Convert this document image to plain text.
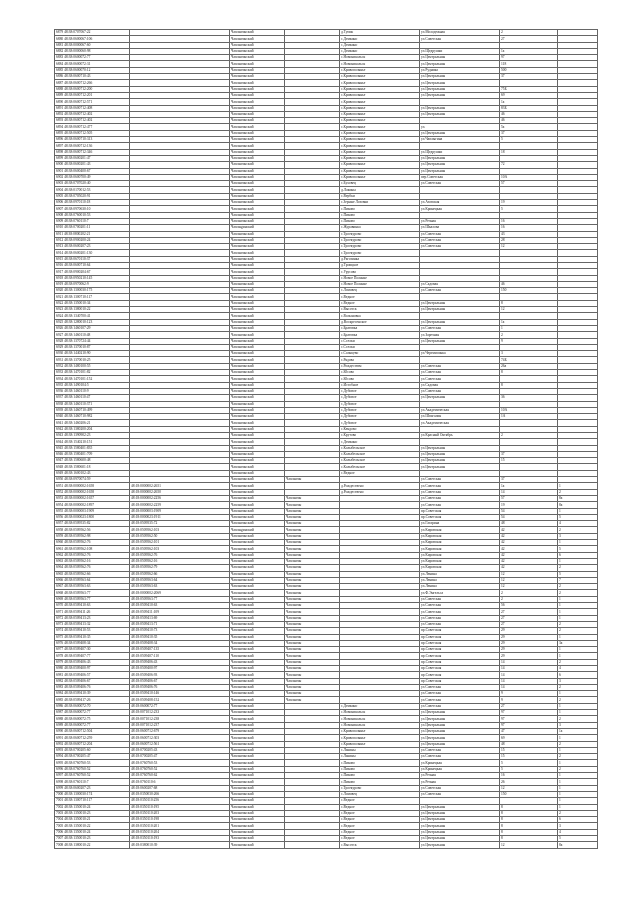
6879 48:38:0707067:22		Чаплыгинский		д.Тупик	ул.Молодежная	2	
6880 48:38:0600067:106		Чаплыгинский		с.Демкино	ул.Советская	27	
6881 48:38:0000067:60		Чаплыгинский		с.Демкино			
6882 48:38:0000060:98		Чаплыгинский		с.Демкино	ул.Щедрушки	1а	
6883 48:38:0600072:77		Чаплыгинский		с.Новоникольск	ул.Центральная	97	
6884 48:38:0600072:31		Чаплыгинский		с.Новоникольск	ул.Центральная	118	
6885 48:38:0600070:12		Чаплыгинский		с.Кривополянье	ул.Рудника	500	
6886 48:38:0600710:43		Чаплыгинский		с.Кривополянье	ул.Центральная	37	
6887 48:38:0600712:266		Чаплыгинский		с.Кривополянье	ул.Центральная		
6888 48:38:0600712:200		Чаплыгинский		с.Кривополянье	ул.Центральная	75Б	
6889 48:38:0600712:201		Чаплыгинский		с.Кривополянье	ул.Центральная	69	
6890 48:38:0600712:571		Чаплыгинский		с.Кривополянье		1а	
6891 48:38:0600712:408		Чаплыгинский		с.Кривополянье	ул.Центральная	83Б	
6892 48:38:0600712:402		Чаплыгинский		с.Кривополянье	ул.Центральная	46	
6893 48:38:0600712:402		Чаплыгинский		с.Кривополянье		46	
6894 48:38:0600712:477		Чаплыгинский		с.Кривополянье	ул.	5а	
6895 48:38:0600712:505		Чаплыгинский		с.Кривополянье	ул.Центральная	37	
6896 48:38:0600710:313		Чаплыгинский		с.Кривополянье	ул.Чаплыгина	5	
6897 48:38:0600712:136		Чаплыгинский		с.Кривополянье			
6898 48:38:0600712:346		Чаплыгинский		с.Кривополянье	ул.Щедрушки	18	
6899 48:38:0600201:47		Чаплыгинский		с.Кривополянье	ул.Центральная		
6900 48:38:0600201:43		Чаплыгинский		с.Кривополянье	ул.Центральная	72	
6901 48:38:0600400:67		Чаплыгинский		с.Кривополянье	ул.Центральная		
6902 48:38:0600700:49		Чаплыгинский		с.Кривополянье	пер.Советская	10А	
6903 48:38:0707020:40		Чаплыгинский		с.Буховец	ул.Советская	57	
6904 48:38:0170012:53		Чаплыгинский		д.Лакины			
6905 48:38:0705020:91		Чаплыгинский		с.Вербки			
6906 48:38:0970110:18		Чаплыгинский		с.Зерные Лозовки	ул.Азовская	19	
6907 48:38:0970630:10		Чаплыгинский		с.Пиково	ул.Кринецкая	5	
6908 48:38:0760010:53		Чаплыгинский		с.Пиково			
6909 48:38:0760110:7		Чаплыгинский		с.Пиково	ул.Речная	16	
6910 48:38:0700201:11		Чаплыgинский		с.Журавинка	ул.Шкалова	16	
6911 48:38:0800202:21		Чаплыгинский		с.Троекурово	ул.Советская	43	
6912 48:38:0900200:24		Чаплыгинский		с.Троекурово	ул.Советская	28	
6913 48:38:0600207:23		Чаплыгинский		с.Троекурово	ул.Советская	12	
6914 48:38:0600201:130		Чаплыгинский		с.Троекурово			
6915 48:38:0670110:37		Чаплыгинский		д.Рагозинка			
6916 48:38:0600710:64		Чаплыгинский		д.Троицкое			
6917 48:38:0900204:67		Чаплыгинский		с.Урусово			
6918 48:38:0950210:145		Чаплыгинский		с.Новое Полянье			
6919 48:38:0970062:9		Чаплыгинский		с.Новое Полянье	ул.Садовая	46	
6920 48:38:1300030:175		Чаплыгинский		с.Ломовец	ул.Советская	150	
6921 48:38:1300710:117		Чаплыгинский		с.Ведное			
6922 48:38:1350010:34		Чаплыгинский		с.Ведное	ул.Центральная	8	
6923 48:38:1380010:22		Чаплыгинский		с.Высотск	ул.Центральная	12	
6924 48:38:1340700:41		Чаплыгинский		с.Волыновка			
6925 48:38:1280010:123		Чаплыгинский		д.Воскресенское	ул.Центральная	1а	
6926 48:38:1460107:29		Чаплыгинский		с.Братовка	ул.Советская	1	
6927 48:38:1460110:48		Чаплыгинский		с.Братовка	ул.Заречная	2	
6928 48:38:1370724:44		Чаплыгинский		с.Сселки	ул.Центральная	9	
6929 48:38:1370010:87		Чаплыгинский		с.Сселки			
6930 48:38:1440210:90		Чаплыгинский		с.Солнцево	ул.Черемисинка	3	
6931 48:38:1370010:25		Чаплыгинский		с.Рядова		74Б	
6932 48:38:1480100:55		Чаплыгинский		с.Рождествен	ул.Советская	26а	
6933 48:38:1470101:82		Чаплыгинский		с.Юсово	ул.Советская	8	
6934 48:38:1470101:152		Чаплыгинский		с.Юсово	ул.Советская		
6935 48:38:1490104:5		Чаплыгинский		с.Истобное	ул.Садовая	8	
6936 48:38:1460110:9		Чаплыгинский		с.Дубовое	ул.Советская		
6937 48:38:1460110:47		Чаплыгинский		с.Дубовое	ул.Центральная	36	
6938 48:38:1460110:371		Чаплыгинский		с.Дубовое			
6939 48:38:1460710:499		Чаплыгинский		с.Дубовое	ул.Академическая	10А	
6940 48:38:1460710:982		Чаплыгинский		с.Дубовое	ул.Шпагалин	1А	
6941 48:38:1460206:21		Чаплыгинский		с.Дубовое	ул.Академическая		
6942 48:38:1380200:204		Чаплыгинский		с.Кендово			
6943 48:38:1390902:23		Чаплыгинский		с.Крутово	ул.Красный Октябрь	2	
6944 48:38:1540210:151		Чаплыгинский		с.Демкино			
6945 48:38:1580401:835		Чаплыгинский		с.Колыбельское	ул.Центральная		
6946 48:38:1580401:709		Чаплыгинский		с.Колыбельское	ул.Центральная	37	
6947 48:38:1580600:48		Чаплыгинский		с.Колыбельское	ул.Центральная	15	
6948 48:38:1580601:18		Чаплыгинский		с.Колыбельское	ул.Центральная		
6949 48:38:1600102:43		Чаплыгинский		с.Ведное			
6950 48:38:0970074:59		Чаплыгинский	Чаплыгин		ул.Советская	37	
6951 48:38:0000002:1658	48:18:0000002:2651	Чаплыгинский		д.Рождествено	ул.Советская	1а	1
6952 48:38:0000002:1658	48:18:0000002:2650	Чаплыгинский		д.Рождествено	ул.Советская	14	2
6953 48:38:0000002:1657	48:18:0000002:2256	Чаплыгинский	Чаплыгин		ул.Советская	57	8а
6954 48:38:0000002:1897	48:18:0000002:2259	Чаплыгинский	Чаплыгин		ул.Советская	19	8а
6955 48:38:0000003:1909	48:18:0000003:1909	Чаплыгинский	Чаплыгин		пр.Советская	54	1
6956 48:38:0000023:1800	48:18:0000023:1911	Чаплыгинский	Чаплыгин		пр.Советская	54	5
6957 48:38:0509535:82	48:18:0509535:72	Чаплыгинский	Чаплыгин		ул.Гагарина	48	4
6958 48:38:0509562:56	48:18:0509562:103	Чаплыgинский	Чаплыгин		ул.Кировская	42	2
6959 48:38:0509562:98	48:18:0509562:50	Чаплыгинский	Чаплыгин		ул.Кировская	42	3
6960 48:38:0509562:76	48:18:0509562:101	Чаплыгинский	Чаплыгин		ул.Кировская	42	1
6961 48:38:0509562:108	48:18:0509562:103	Чаплыгинский	Чаплыгин		ул.Кировская	42	5
6962 48:38:0509562:76	48:18:0509562:76	Чаплыгинский	Чаплыгин		ул.Кировская	42	6
6963 48:38:0509562:16	48:18:0509562:16	Чаплыгинский	Чаплыгин		ул.Кировская	42	1
6964 48:38:0509562:76	48:18:0509562:79	Чаплыгинский	Чаплыгин		ул.Кировская	42	2
6965 48:38:0509562:66	48:18:0509562:66	Чаплыгинский	Чаплыгин		ул.Ленина	12	5
6966 48:38:0509563:64	48:18:0509563:64	Чаплыгинский	Чаплыгин		ул.Ленина	12	7
6967 48:38:0509563:63	48:18:0509563:63	Чаплыгинский	Чаплыгин		ул.Ленина	12	2
6968 48:38:0509563:77	48:18:0000002:2069	Чаплыгинский	Чаплыгин		ул.Ф.Энгельса	2	2
6969 48:38:0509563:77	48:18:0509563:77	Чаплыгинский	Чаплыгин		ул.Советская	2	1
6970 48:38:0509410:63	48:18:0509410:63	Чаплыгинский	Чаплыгин		ул.Советская	56	1
6971 48:38:0509411:26	48:18:0509411:109	Чаплыгинский	Чаплыгин		ул.Советская	27	1
6972 48:38:0509413:23	48:18:0509413:69	Чаплыгинский	Чаплыгин		ул.Советская	27	1
6973 48:38:0509413:32	48:18:0509413:71	Чаплыгинский	Чаплыгин		ул.Советская	27	2
6974 48:38:0509410:53	48:18:0509410:73	Чаплыгинский	Чаплыгин		пр.Советская	29	2
6975 48:38:0509410:35	48:18:0509410:35	Чаплыгинский	Чаплыгин		пр.Советская	29	1
6976 48:38:0509408:34	48:18:0509408:34	Чаплыгинский	Чаплыгин		пр.Советская	29	3а
6977 48:38:0509407:30	48:18:0509407:135	Чаплыгинский	Чаплыгин		пр.Советская	29	1
6978 48:38:0509407:77	48:18:0509407:110	Чаплыгинский	Чаплыгин		пр.Советская	29	1
6979 48:38:0509406:43	48:18:0509406:43	Чаплыгинский	Чаплыгин		пр.Советская	14	2
6980 48:38:0509400:97	48:18:0509400:97	Чаплыгинский	Чаплыгин		пр.Советская	14	4
6981 48:38:0509406:57	48:18:0509406:93	Чаплыгинский	Чаплыгин		пр.Советская	14	6
6982 48:38:0509406:67	48:18:0509406:67	Чаплыгинский	Чаплыгин		пр.Советская	14	3
6983 48:38:0509406:76	48:18:0509406:76	Чаплыгинский	Чаплыгин		ул.Советская	14	2
6984 48:38:0509410:39	48:18:0509410:146	Чаплыгинский	Чаплыгин		ул.Советская	9	1
6985 48:38:0509417:26	48:18:0509408:152	Чаплыгинский	Чаплыгин		ул.Советская	9	2
6986 48:38:0600072:70	48:18:0600072:77	Чаплыгинский		с.Демкино	ул.Советская	27	1
6987 48:38:0600072:77	48:18:0071012:233	Чаплыгинский		с.Новоникольск	ул.Центральная	97	1
6988 48:38:0600072:75	48:18:0071012:238	Чаплыгинский		с.Новоникольск	ул.Центральная	97	2
6989 48:38:0600072:77	48:18:0071012:237	Чаплыгинский		с.Новоникольск	ул.Центральная	97	3
6990 48:38:0600712:504	48:18:0600712:679	Чаплыгинский		с.Кривополянье	ул.Центральная	47	1а
6991 48:38:0600712:259	48:18:0600712:303	Чаплыгинский		с.Кривополянье	ул.Центральная	69	1
6992 48:38:0600712:204	48:18:0600712:561	Чаплыгинский		с.Кривополянье	ул.Центральная	48	2
6993 48:38:0700205:60	48:18:0700205:43	Чаплыгинский		с.Лакины	ул.Советская	15	1
6994 48:38:0700205:47	48:18:0700205:47	Чаплыгинский		с.Лакины	ул.Советская	15	2
6995 48:38:0760760:53	48:18:0760760:53	Чаплыгинский		с.Пиково	ул.Кринецкая	5	1
6996 48:38:0760760:52	48:18:0760760:52	Чаплыгинский		с.Пиково	ул.Кринецкая	5	2
6997 48:38:0760760:52	48:18:0760760:62	Чаплыгинский		с.Пиково	ул.Речная	16	1
6998 48:38:0760110:7	48:18:0760110:6	Чаплыгинский		с.Пиково	ул.Речная	26	1
6999 48:38:0600207:23	48:18:0600207:68	Чаплыгинский		с.Троекурово	ул.Советская	12	1
7000 48:38:1300030:174	48:18:0350030:266	Чаплыгинский		с.Ломовец	ул.Советская	150	1
7001 48:38:1300710:117	48:18:0350110:256	Чаплыгинский		с.Ведное			1
7002 48:38:1350010:24	48:18:0350110:195	Чаплыгинский		с.Ведное	ул.Центральная	8	1
7003 48:38:1350010:23	48:18:0350110:203	Чаплыгинский		с.Ведное	ул.Центральная	8	2
7004 48:38:1350010:21	48:18:0350110:198	Чаплыгинский		с.Ведное	ул.Центральная	8	6
7005 48:38:1350010:22	48:18:0350110:201	Чаплыгинский		с.Ведное	ул.Центральная	8	3
7006 48:38:1350010:24	48:18:0350110:204	Чаплыгинский		с.Ведное	ул.Центральная	8	4
7007 48:38:1350010:23	48:18:0350110:193	Чаплыгинский		с.Ведное	ул.Центральная	8	5
7008 48:38:1380010:22	48:18:0380010:39	Чаплыгинский		с.Высотск	ул.Центральная	12	8а
